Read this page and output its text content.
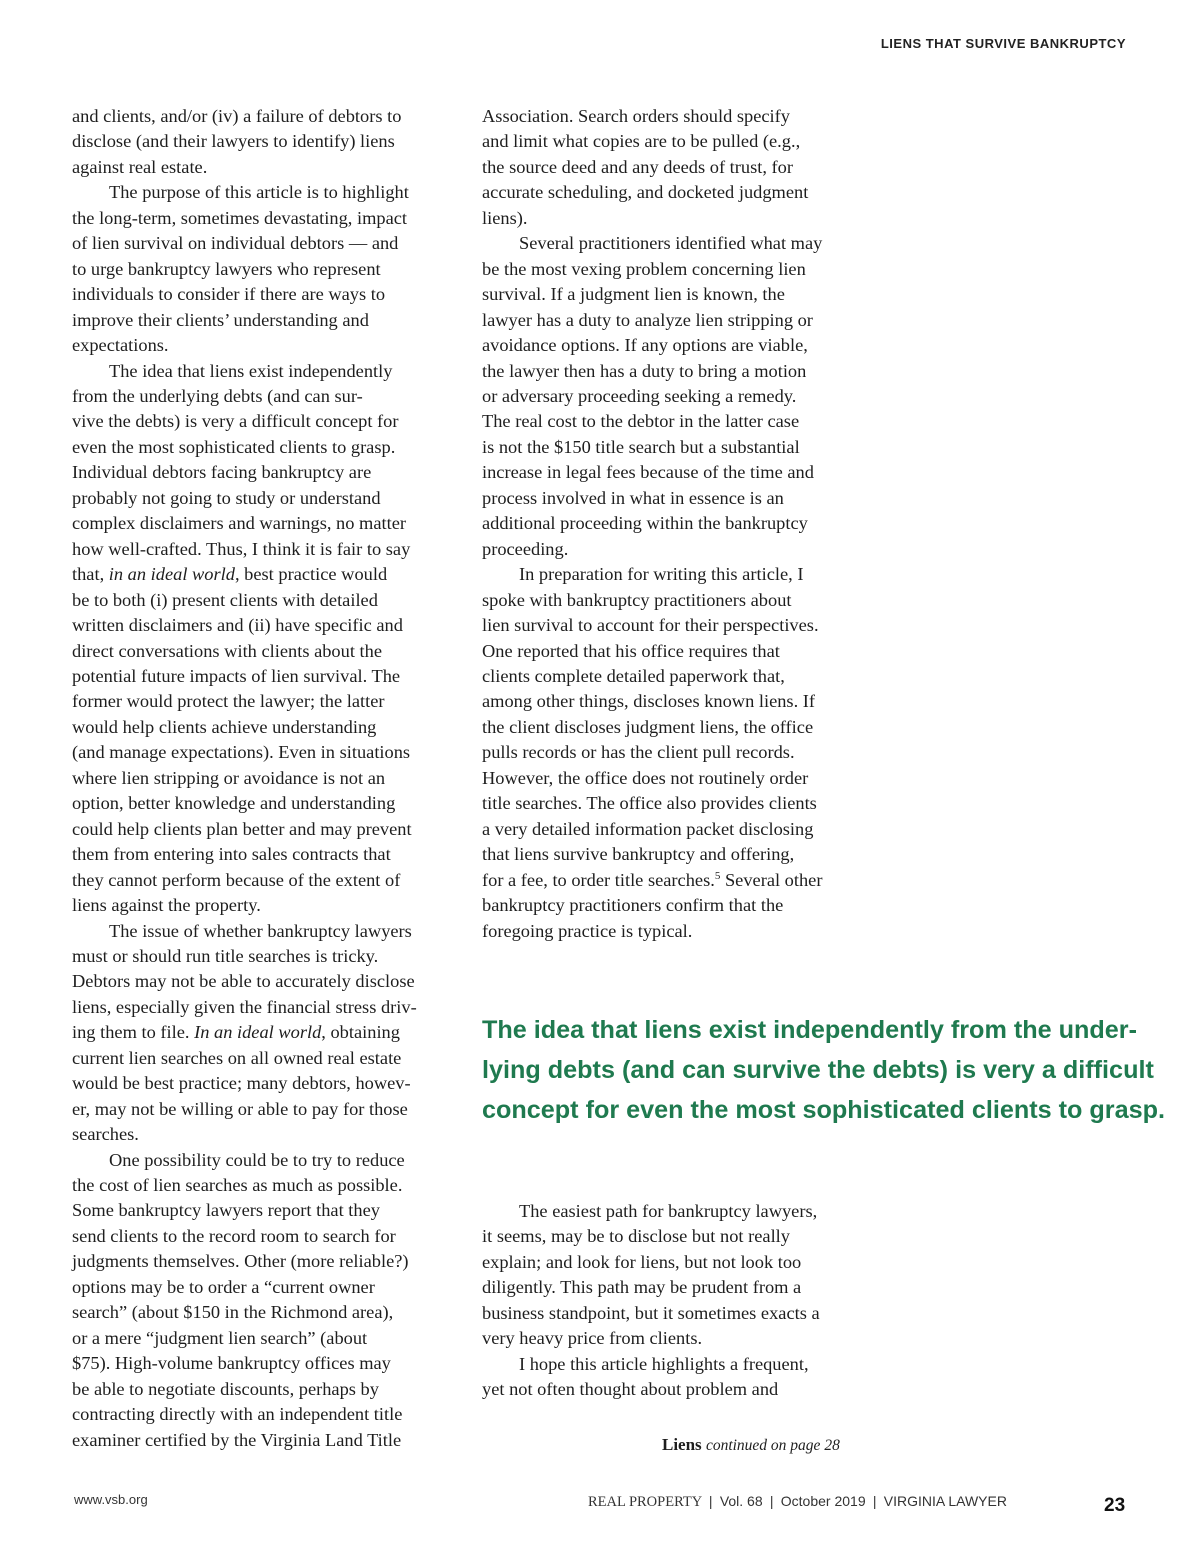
LIENS THAT SURVIVE BANKRUPTCY

and clients, and/or (iv) a failure of debtors to

disclose (and their lawyers to identify) liens

against real estate.

The purpose of this article is to highlight

the long-term, sometimes devastating, impact

of lien survival on individual debtors — and

to urge bankruptcy lawyers who represent

individuals to consider if there are ways to

improve their clients’ understanding and

expectations.

The idea that liens exist independently

from the underlying debts (and can sur-

vive the debts) is very a difficult concept for

even the most sophisticated clients to grasp.

Individual debtors facing bankruptcy are

probably not going to study or understand

complex disclaimers and warnings, no matter

how well-crafted. Thus, I think it is fair to say

that, in an ideal world, best practice would

be to both (i) present clients with detailed

written disclaimers and (ii) have specific and

direct conversations with clients about the

potential future impacts of lien survival. The

former would protect the lawyer; the latter

would help clients achieve understanding

(and manage expectations). Even in situations

where lien stripping or avoidance is not an

option, better knowledge and understanding

could help clients plan better and may prevent

them from entering into sales contracts that

they cannot perform because of the extent of

liens against the property.

The issue of whether bankruptcy lawyers

must or should run title searches is tricky.

Debtors may not be able to accurately disclose

liens, especially given the financial stress driv-

ing them to file. In an ideal world, obtaining

current lien searches on all owned real estate

would be best practice; many debtors, howev-

er, may not be willing or able to pay for those

searches.

One possibility could be to try to reduce

the cost of lien searches as much as possible.

Some bankruptcy lawyers report that they

send clients to the record room to search for

judgments themselves. Other (more reliable?)

options may be to order a “current owner

search” (about $150 in the Richmond area),

or a mere “judgment lien search” (about

$75). High-volume bankruptcy offices may

be able to negotiate discounts, perhaps by

contracting directly with an independent title

examiner certified by the Virginia Land Title

Association. Search orders should specify

and limit what copies are to be pulled (e.g.,

the source deed and any deeds of trust, for

accurate scheduling, and docketed judgment

liens).

Several practitioners identified what may

be the most vexing problem concerning lien

survival. If a judgment lien is known, the

lawyer has a duty to analyze lien stripping or

avoidance options. If any options are viable,

the lawyer then has a duty to bring a motion

or adversary proceeding seeking a remedy.

The real cost to the debtor in the latter case

is not the $150 title search but a substantial

increase in legal fees because of the time and

process involved in what in essence is an

additional proceeding within the bankruptcy

proceeding.

In preparation for writing this article, I

spoke with bankruptcy practitioners about

lien survival to account for their perspectives.

One reported that his office requires that

clients complete detailed paperwork that,

among other things, discloses known liens. If

the client discloses judgment liens, the office

pulls records or has the client pull records.

However, the office does not routinely order

title searches. The office also provides clients

a very detailed information packet disclosing

that liens survive bankruptcy and offering,

for a fee, to order title searches.$^5$ Several other

bankruptcy practitioners confirm that the

foregoing practice is typical.

The idea that liens exist independently from the under-

lying debts (and can survive the debts) is very a difficult

concept for even the most sophisticated clients to grasp.

The easiest path for bankruptcy lawyers,

it seems, may be to disclose but not really

explain; and look for liens, but not look too

diligently. This path may be prudent from a

business standpoint, but it sometimes exacts a

very heavy price from clients.

I hope this article highlights a frequent,

yet not often thought about problem and

Liens continued on page 28
www.vsb.org	REAL PROPERTY | Vol. 68 | October 2019 | VIRGINIA LAWYER	23
